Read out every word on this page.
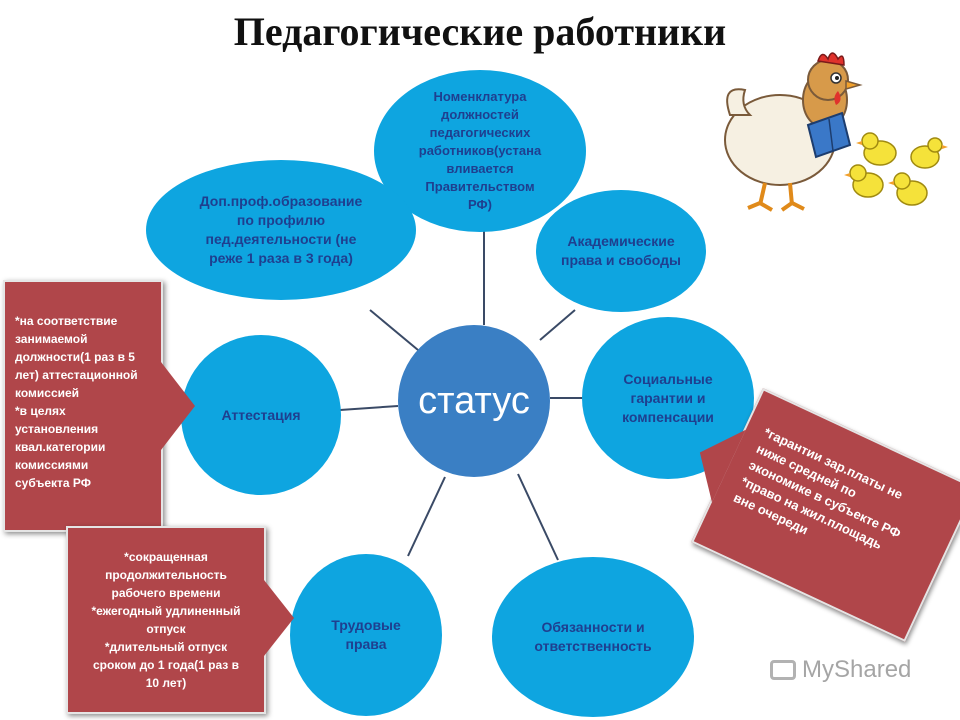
Педагогические работники
Номенклатура
должностей
педагогических
работников(устана
вливается
Правительством
РФ)
Академические
права и свободы
Социальные
гарантии и
компенсации
Обязанности и
ответственность
Трудовые
права
Аттестация
Доп.проф.образование
по профилю
пед.деятельности (не
реже 1 раза в 3 года)
статус
*на соответствие
занимаемой
должности(1 раз в 5
лет) аттестационной
комиссией
*в целях
установления
квал.категории
комиссиями
субъекта РФ
*сокращенная
продолжительность
рабочего времени
*ежегодный удлиненный
отпуск
*длительный отпуск
сроком до 1 года(1 раз в
10 лет)
*гарантии зар.платы не
ниже средней по
экономике в субъекте РФ
*право на жил.площадь
вне очереди
MyShared
